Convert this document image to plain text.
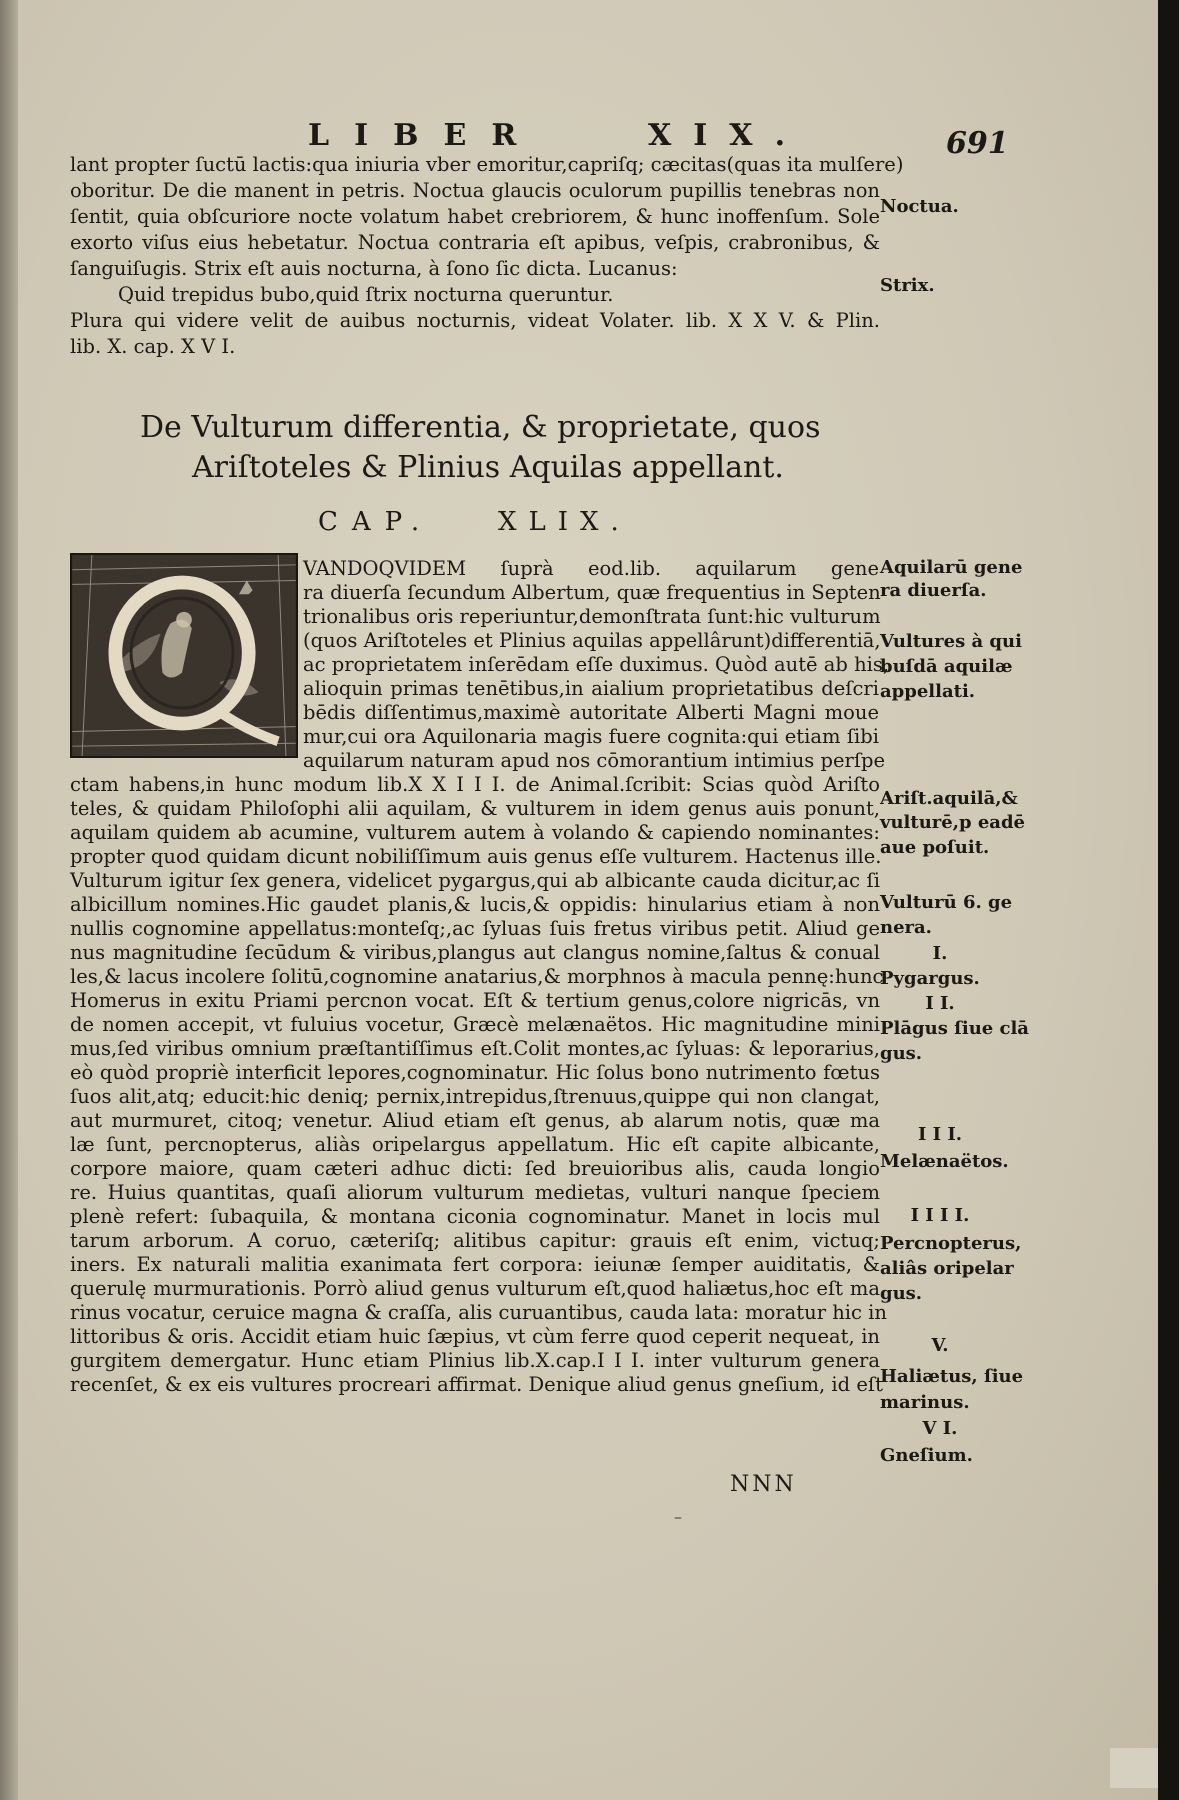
LIBER	XIX.	691
lant propter ſuctū lactis:qua iniuria vber emoritur,capriſq; cæcitas(quas ita mulſere)
oboritur. De die manent in petris. Noctua glaucis oculorum pupillis tenebras non
ſentit, quia obſcuriore nocte volatum habet crebriorem, & hunc inoffenſum. Sole
exorto viſus eius hebetatur. Noctua contraria eſt apibus, veſpis, crabronibus, &
ſanguiſugis. Strix eſt auis nocturna, à ſono ſic dicta. Lucanus:
Quid trepidus bubo,quid ſtrix nocturna queruntur.
Plura qui videre velit de auibus nocturnis, videat Volater. lib. X X V. & Plin.
lib. X. cap. X V I.
Noctua.
Strix.
De Vulturum differentia, & proprietate, quos
Ariſtoteles & Plinius Aquilas appellant.
CAP. XLIX.
VANDOQVIDEM ſuprà eod.lib. aquilarum gene
ra diuerſa ſecundum Albertum, quæ frequentius in Septen
trionalibus oris reperiuntur,demonſtrata ſunt:hic vulturum
(quos Ariſtoteles et Plinius aquilas appellârunt)differentiā,
ac proprietatem inſerēdam eſſe duximus. Quòd autē ab his,
alioquin primas tenētibus,in aialium proprietatibus deſcri
bēdis diſſentimus,maximè autoritate Alberti Magni moue
mur,cui ora Aquilonaria magis fuere cognita:qui etiam ſibi
aquilarum naturam apud nos cōmorantium intimius perſpe
ctam habens,in hunc modum lib.X X I I I. de Animal.ſcribit: Scias quòd Ariſto
teles, & quidam Philoſophi alii aquilam, & vulturem in idem genus auis ponunt,
aquilam quidem ab acumine, vulturem autem à volando & capiendo nominantes:
propter quod quidam dicunt nobiliſſimum auis genus eſſe vulturem. Hactenus ille.
Vulturum igitur ſex genera, videlicet pygargus,qui ab albicante cauda dicitur,ac ſi
albicillum nomines.Hic gaudet planis,& lucis,& oppidis: hinularius etiam à non
nullis cognomine appellatus:monteſq;,ac ſyluas ſuis fretus viribus petit. Aliud ge
nus magnitudine ſecūdum & viribus,plangus aut clangus nomine,ſaltus & conual
les,& lacus incolere ſolitū,cognomine anatarius,& morphnos à macula pennę:hunc
Homerus in exitu Priami percnon vocat. Eſt & tertium genus,colore nigricās, vn
de nomen accepit, vt fuluius vocetur, Græcè melænaëtos. Hic magnitudine mini
mus,ſed viribus omnium præſtantiſſimus eſt.Colit montes,ac ſyluas: & leporarius,
eò quòd propriè interficit lepores,cognominatur. Hic ſolus bono nutrimento fœtus
ſuos alit,atq; educit:hic deniq; pernix,intrepidus,ſtrenuus,quippe qui non clangat,
aut murmuret, citoq; venetur. Aliud etiam eſt genus, ab alarum notis, quæ ma
læ ſunt, percnopterus, aliàs oripelargus appellatum. Hic eſt capite albicante,
corpore maiore, quam cæteri adhuc dicti: ſed breuioribus alis, cauda longio
re. Huius quantitas, quaſi aliorum vulturum medietas, vulturi nanque ſpeciem
plenè refert: ſubaquila, & montana ciconia cognominatur. Manet in locis mul
tarum arborum. A coruo, cæteriſq; alitibus capitur: grauis eſt enim, victuq;
iners. Ex naturali malitia exanimata fert corpora: ieiunæ ſemper auiditatis, &
querulę murmurationis. Porrò aliud genus vulturum eſt,quod haliætus,hoc eſt ma
rinus vocatur, ceruice magna & craſſa, alis curuantibus, cauda lata: moratur hic in
littoribus & oris. Accidit etiam huic ſæpius, vt cùm ferre quod ceperit nequeat, in
gurgitem demergatur. Hunc etiam Plinius lib.X.cap.I I I. inter vulturum genera
recenſet, & ex eis vultures procreari affirmat. Denique aliud genus gneſium, id eſt
Aquilarū gene
ra diuerſa.
Vultures à qui
buſdā aquilæ
appellati.
Ariſt.aquilā,&
vulturē,p eadē
aue poſuit.
Vulturū 6. ge
nera.
I.
Pygargus.
I I.
Plāgus ſiue clā
gus.
I I I.
Melænaëtos.
I I I I.
Percnopterus,
aliâs oripelar
gus.
V.
Haliætus, ſiue
marinus.
V I.
Gneſium.
NNN
–
